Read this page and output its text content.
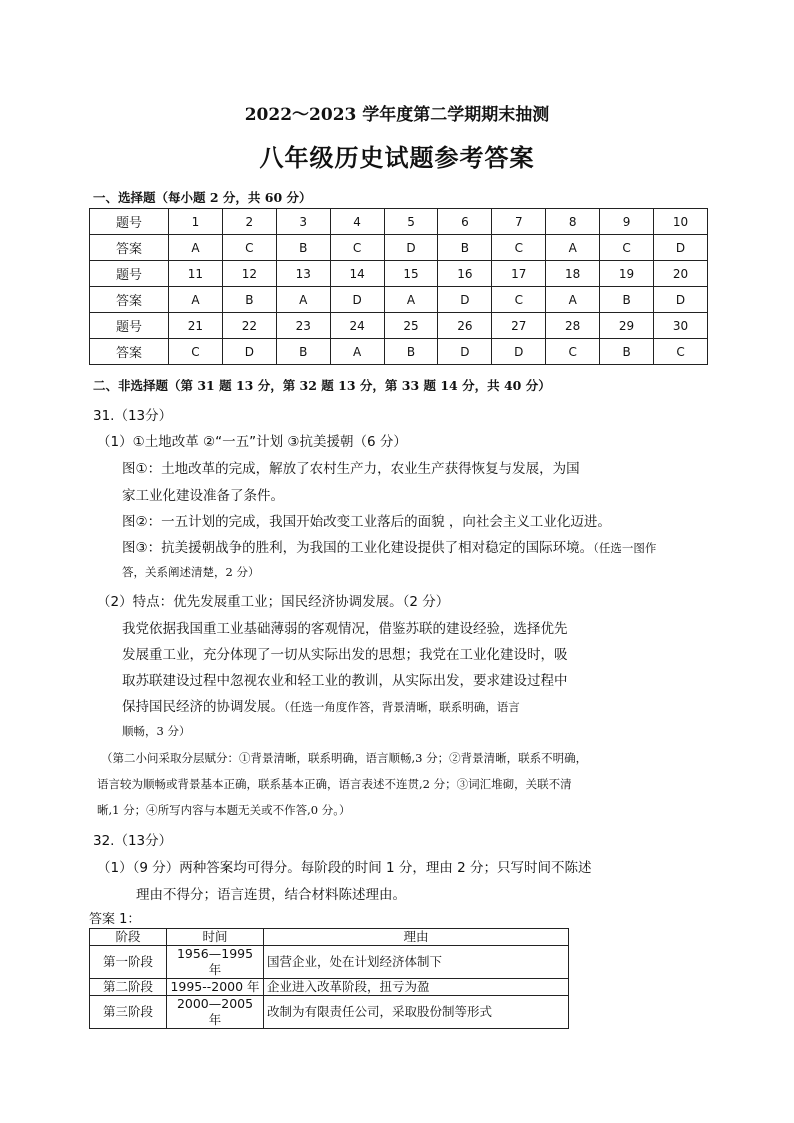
2022～2023 学年度第二学期期末抽测
八年级历史试题参考答案
一、选择题（每小题 2 分，共 60 分）
题号	1	2	3	4	5	6	7	8	9	10
答案	A	C	B	C	D	B	C	A	C	D
题号	11	12	13	14	15	16	17	18	19	20
答案	A	B	A	D	A	D	C	A	B	D
题号	21	22	23	24	25	26	27	28	29	30
答案	C	D	B	A	B	D	D	C	B	C
二、非选择题（第 31 题 13 分，第 32 题 13 分，第 33 题 14 分，共 40 分）
31.（13分）
（1）①土地改革 ②“一五”计划 ③抗美援朝（6 分）
图①：土地改革的完成，解放了农村生产力，农业生产获得恢复与发展，为国
家工业化建设准备了条件。
图②：一五计划的完成，我国开始改变工业落后的面貌 ，向社会主义工业化迈进。
图③：抗美援朝战争的胜利，为我国的工业化建设提供了相对稳定的国际环境。（任选一图作
答，关系阐述清楚，2 分）
（2）特点：优先发展重工业；国民经济协调发展。（2 分）
我党依据我国重工业基础薄弱的客观情况，借鉴苏联的建设经验，选择优先
发展重工业，充分体现了一切从实际出发的思想；我党在工业化建设时，吸
取苏联建设过程中忽视农业和轻工业的教训，从实际出发，要求建设过程中
保持国民经济的协调发展。（任选一角度作答，背景清晰，联系明确，语言
顺畅，3 分）
（第二小问采取分层赋分：①背景清晰，联系明确，语言顺畅,3 分；②背景清晰，联系不明确，
语言较为顺畅或背景基本正确，联系基本正确，语言表述不连贯,2 分；③词汇堆砌，关联不清
晰,1 分；④所写内容与本题无关或不作答,0 分。）
32.（13分）
（1）（9 分）两种答案均可得分。每阶段的时间 1 分，理由 2 分；只写时间不陈述
理由不得分；语言连贯，结合材料陈述理由。
答案 1：
阶段	时间	理由
第一阶段	1956—1995 年	国营企业，处在计划经济体制下
第二阶段	1995--2000 年	企业进入改革阶段，扭亏为盈
第三阶段	2000—2005 年	改制为有限责任公司，采取股份制等形式
